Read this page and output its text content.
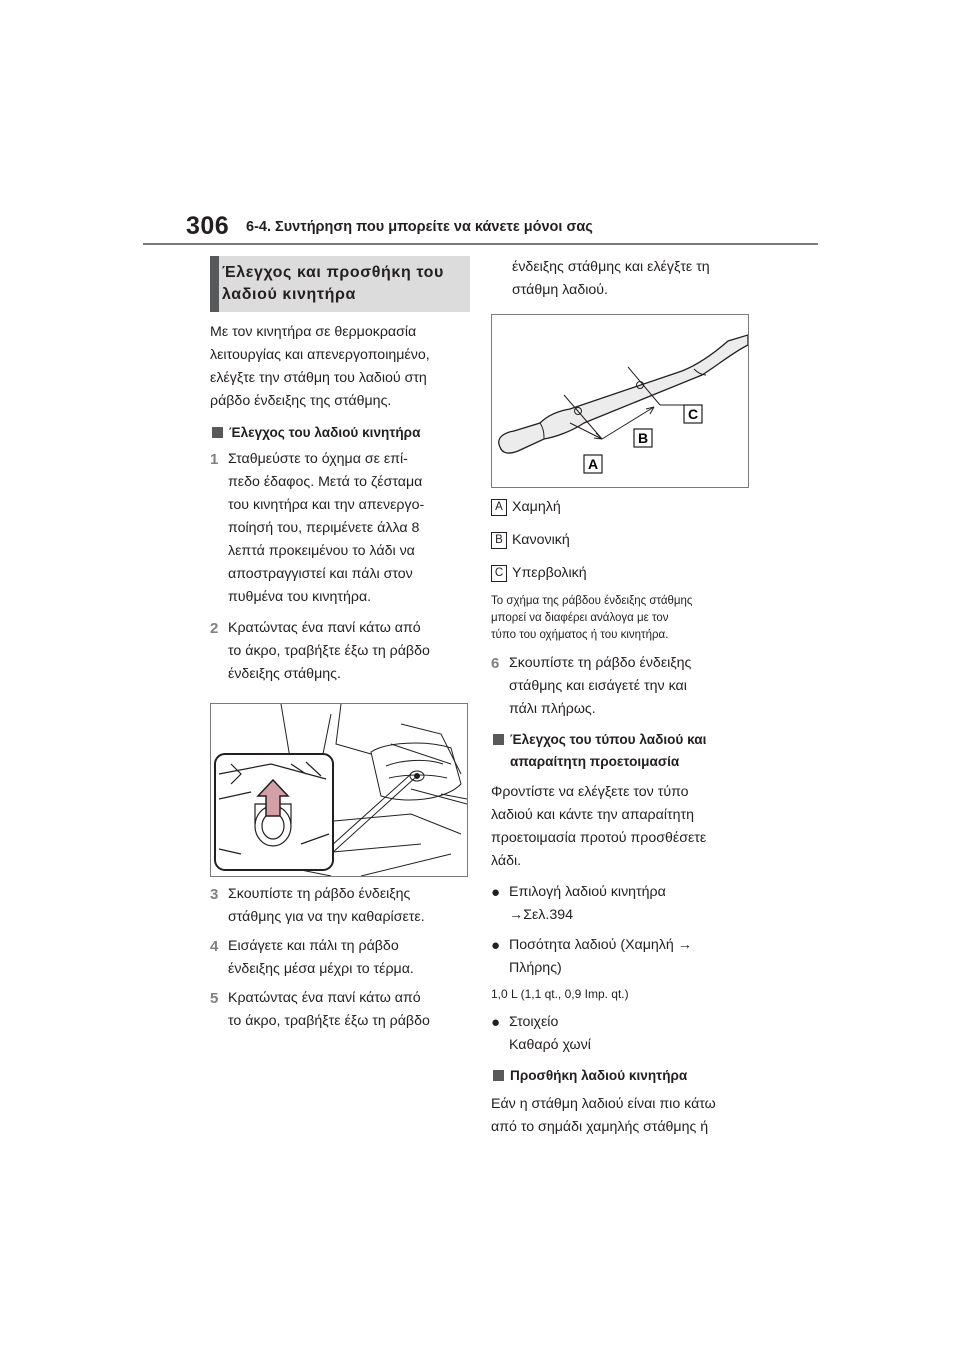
306 6-4. Συντήρηση που μπορείτε να κάνετε μόνοι σας
Έλεγχος και προσθήκη του
λαδιού κινητήρα

Με τον κινητήρα σε θερμοκρασία

λειτουργίας και απενεργοποιημένο,

ελέγξτε την στάθμη του λαδιού στη

ράβδο ένδειξης της στάθμης.

Έλεγχος του λαδιού κινητήρα
1 Σταθμεύστε το όχημα σε επί-
πεδο έδαφος. Μετά το ζέσταμα
του κινητήρα και την απενεργο-
ποίησή του, περιμένετε άλλα 8
λεπτά προκειμένου το λάδι να
αποστραγγιστεί και πάλι στον
πυθμένα του κινητήρα.
2 Κρατώντας ένα πανί κάτω από
το άκρο, τραβήξτε έξω τη ράβδο
ένδειξης στάθμης.
3 Σκουπίστε τη ράβδο ένδειξης
στάθμης για να την καθαρίσετε.
4 Εισάγετε και πάλι τη ράβδο
ένδειξης μέσα μέχρι το τέρμα.
5 Κρατώντας ένα πανί κάτω από
το άκρο, τραβήξτε έξω τη ράβδο
ένδειξης στάθμης και ελέγξτε τη
στάθμη λαδιού.
A
B
C
A Χαμηλή
B Κανονική
C Υπερβολική

Το σχήμα της ράβδου ένδειξης στάθμης

μπορεί να διαφέρει ανάλογα με τον

τύπο του οχήματος ή του κινητήρα.

6 Σκουπίστε τη ράβδο ένδειξης
στάθμης και εισάγετέ την και
πάλι πλήρως.
Έλεγχος του τύπου λαδιού και
απαραίτητη προετοιμασία

Φροντίστε να ελέγξετε τον τύπο

λαδιού και κάντε την απαραίτητη

προετοιμασία προτού προσθέσετε

λάδι.

● Επιλογή λαδιού κινητήρα
→Σελ.394
● Ποσότητα λαδιού (Χαμηλή →
Πλήρης)

1,0 L (1,1 qt., 0,9 Imp. qt.)

● Στοιχείο
Καθαρό χωνί
Προσθήκη λαδιού κινητήρα

Εάν η στάθμη λαδιού είναι πιο κάτω

από το σημάδι χαμηλής στάθμης ή
